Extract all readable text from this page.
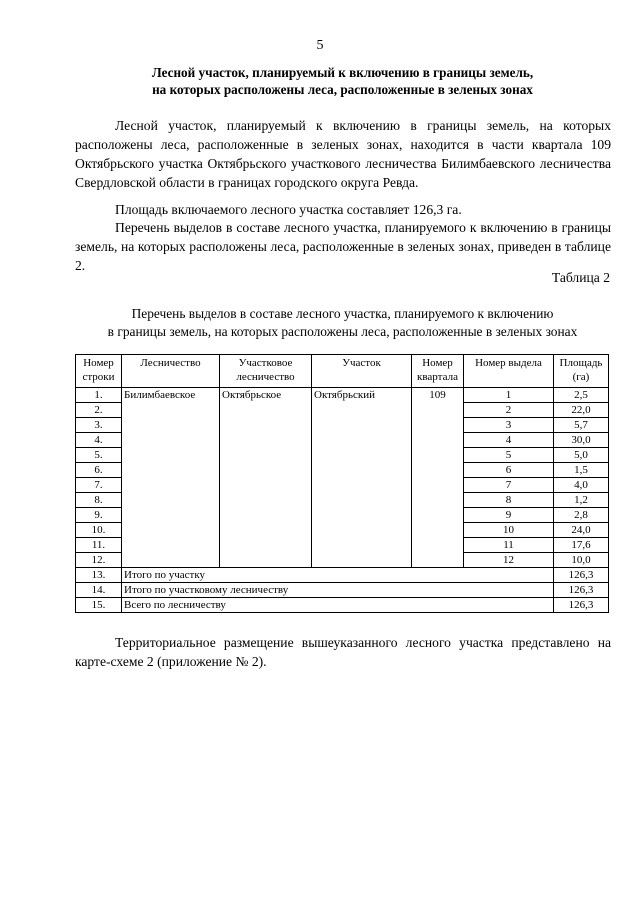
5
Лесной участок, планируемый к включению в границы земель,
на которых расположены леса, расположенные в зеленых зонах

Лесной участок, планируемый к включению в границы земель, на которых расположены леса, расположенные в зеленых зонах, находится в части квартала 109 Октябрьского участка Октябрьского участкового лесничества Билимбаевского лесничества Свердловской области в границах городского округа Ревда.

Площадь включаемого лесного участка составляет 126,3 га.

Перечень выделов в составе лесного участка, планируемого к включению в границы земель, на которых расположены леса, расположенные в зеленых зонах, приведен в таблице 2.

Таблица 2
Перечень выделов в составе лесного участка, планируемого к включению
в границы земель, на которых расположены леса, расположенные в зеленых зонах
Номер строки	Лесничество	Участковое лесничество	Участок	Номер квартала	Номер выдела	Площадь (га)
1.	Билимбаевское	Октябрьское	Октябрьский	109	1	2,5
2.					2	22,0
3.					3	5,7
4.					4	30,0
5.					5	5,0
6.					6	1,5
7.					7	4,0
8.					8	1,2
9.					9	2,8
10.					10	24,0
11.					11	17,6
12.					12	10,0
13.	Итого по участку					126,3
14.	Итого по участковому лесничеству					126,3
15.	Всего по лесничеству					126,3

Территориальное размещение вышеуказанного лесного участка представлено на карте-схеме 2 (приложение № 2).
